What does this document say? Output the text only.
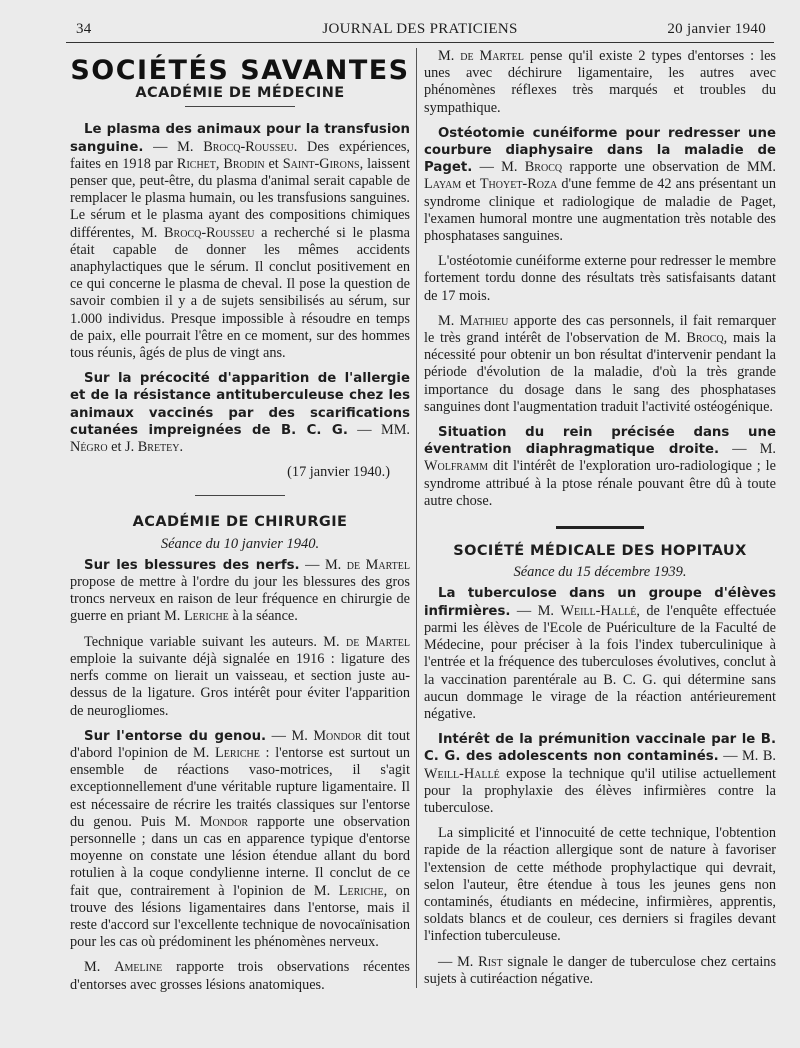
34	JOURNAL DES PRATICIENS	20 janvier 1940
SOCIÉTÉS SAVANTES
ACADÉMIE DE MÉDECINE

Le plasma des animaux pour la transfusion sanguine. — M. Brocq-Rousseu. Des expériences, faites en 1918 par Richet, Brodin et Saint-Girons, laissent penser que, peut-être, du plasma d'animal serait capable de remplacer le plasma humain, ou les transfusions sanguines. Le sérum et le plasma ayant des compositions chimiques différentes, M. Brocq-Rousseu a recherché si le plasma était capable de donner les mêmes accidents anaphylactiques que le sérum. Il conclut positivement en ce qui concerne le plasma de cheval. Il pose la question de savoir combien il y a de sujets sensibilisés au sérum, sur 1.000 individus. Presque impossible à résoudre en temps de paix, elle pourrait l'être en ce moment, sur des hommes tous réunis, âgés de plus de vingt ans.

Sur la précocité d'apparition de l'allergie et de la résistance antituberculeuse chez les animaux vaccinés par des scarifications cutanées impreignées de B. C. G. — MM. Négro et J. Bretey.

(17 janvier 1940.)
ACADÉMIE DE CHIRURGIE
Séance du 10 janvier 1940.

Sur les blessures des nerfs. — M. de Martel propose de mettre à l'ordre du jour les blessures des gros troncs nerveux en raison de leur fréquence en chirurgie de guerre en priant M. Leriche à la séance.

Technique variable suivant les auteurs. M. de Martel emploie la suivante déjà signalée en 1916 : ligature des nerfs comme on lierait un vaisseau, et section juste au-dessus de la ligature. Gros intérêt pour éviter l'apparition de neurogliomes.

Sur l'entorse du genou. — M. Mondor dit tout d'abord l'opinion de M. Leriche : l'entorse est surtout un ensemble de réactions vaso-motrices, il s'agit exceptionnellement d'une véritable rupture ligamentaire. Il est nécessaire de récrire les traités classiques sur l'entorse du genou. Puis M. Mondor rapporte une observation personnelle ; dans un cas en apparence typique d'entorse moyenne on constate une lésion étendue allant du bord rotulien à la coque condylienne interne. Il conclut de ce fait que, contrairement à l'opinion de M. Leriche, on trouve des lésions ligamentaires dans l'entorse, mais il reste d'accord sur l'excellente technique de novocaïnisation pour les cas où prédominent les phénomènes nerveux.

M. Ameline rapporte trois observations récentes d'entorses avec grosses lésions anatomiques.

M. de Martel pense qu'il existe 2 types d'entorses : les unes avec déchirure ligamentaire, les autres avec phénomènes réflexes très marqués et troubles du sympathique.

Ostéotomie cunéiforme pour redresser une courbure diaphysaire dans la maladie de Paget. — M. Brocq rapporte une observation de MM. Layam et Thoyet-Roza d'une femme de 42 ans présentant un syndrome clinique et radiologique de maladie de Paget, l'examen humoral montre une augmentation très notable des phosphatases sanguines.

L'ostéotomie cunéiforme externe pour redresser le membre fortement tordu donne des résultats très satisfaisants datant de 17 mois.

M. Mathieu apporte des cas personnels, il fait remarquer le très grand intérêt de l'observation de M. Brocq, mais la nécessité pour obtenir un bon résultat d'intervenir pendant la période d'évolution de la maladie, d'où la très grande importance du dosage dans le sang des phosphatases sanguines dont l'augmentation traduit l'activité ostéogénique.

Situation du rein précisée dans une éventration diaphragmatique droite. — M. Wolframm dit l'intérêt de l'exploration uro-radiologique ; le syndrome attribué à la ptose rénale pouvant être dû à toute autre chose.

SOCIÉTÉ MÉDICALE DES HOPITAUX
Séance du 15 décembre 1939.

La tuberculose dans un groupe d'élèves infirmières. — M. Weill-Hallé, de l'enquête effectuée parmi les élèves de l'Ecole de Puériculture de la Faculté de Médecine, pour préciser à la fois l'index tuberculinique à l'entrée et la fréquence des tuberculoses évolutives, conclut à la vaccination parentérale au B. C. G. qui détermine sans aucun dommage le virage de la réaction antérieurement négative.

Intérêt de la prémunition vaccinale par le B. C. G. des adolescents non contaminés. — M. B. Weill-Hallé expose la technique qu'il utilise actuellement pour la prophylaxie des élèves infirmières contre la tuberculose.

La simplicité et l'innocuité de cette technique, l'obtention rapide de la réaction allergique sont de nature à favoriser l'extension de cette méthode prophylactique qui devrait, selon l'auteur, être étendue à tous les jeunes gens non contaminés, étudiants en médecine, infirmières, apprentis, soldats blancs et de couleur, ces derniers si fragiles devant l'infection tuberculeuse.

— M. Rist signale le danger de tuberculose chez certains sujets à cutiréaction négative.
